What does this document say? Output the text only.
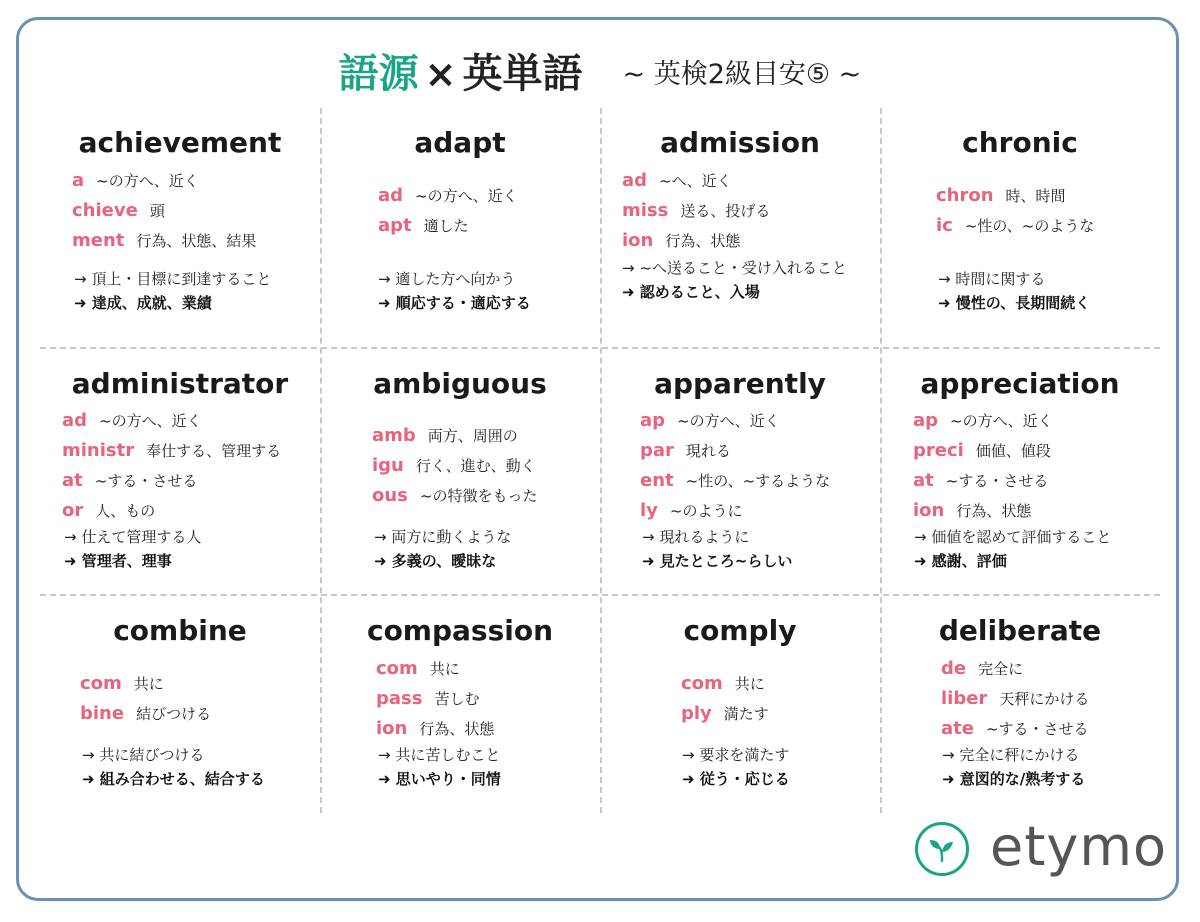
語源 × 英単語 ~ 英検2級目安⑤ ~
achievement
a ~の方へ、近く
chieve 頭
ment 行為、状態、結果
→ 頂上・目標に到達すること
➜ 達成、成就、業績
adapt
ad ~の方へ、近く
apt 適した
→ 適した方へ向かう
➜ 順応する・適応する
admission
ad ~へ、近く
miss 送る、投げる
ion 行為、状態
→ ~へ送ること・受け入れること
➜ 認めること、入場
chronic
chron 時、時間
ic ~性の、~のような
→ 時間に関する
➜ 慢性の、長期間続く
administrator
ad ~の方へ、近く
ministr 奉仕する、管理する
at ~する・させる
or 人、もの
→ 仕えて管理する人
➜ 管理者、理事
ambiguous
amb 両方、周囲の
igu 行く、進む、動く
ous ~の特徴をもった
→ 両方に動くような
➜ 多義の、曖昧な
apparently
ap ~の方へ、近く
par 現れる
ent ~性の、~するような
ly ~のように
→ 現れるように
➜ 見たところ~らしい
appreciation
ap ~の方へ、近く
preci 価値、値段
at ~する・させる
ion 行為、状態
→ 価値を認めて評価すること
➜ 感謝、評価
combine
com 共に
bine 結びつける
→ 共に結びつける
➜ 組み合わせる、結合する
compassion
com 共に
pass 苦しむ
ion 行為、状態
→ 共に苦しむこと
➜ 思いやり・同情
comply
com 共に
ply 満たす
→ 要求を満たす
➜ 従う・応じる
deliberate
de 完全に
liber 天秤にかける
ate ~する・させる
→ 完全に秤にかける
➜ 意図的な/熟考する
etymo
